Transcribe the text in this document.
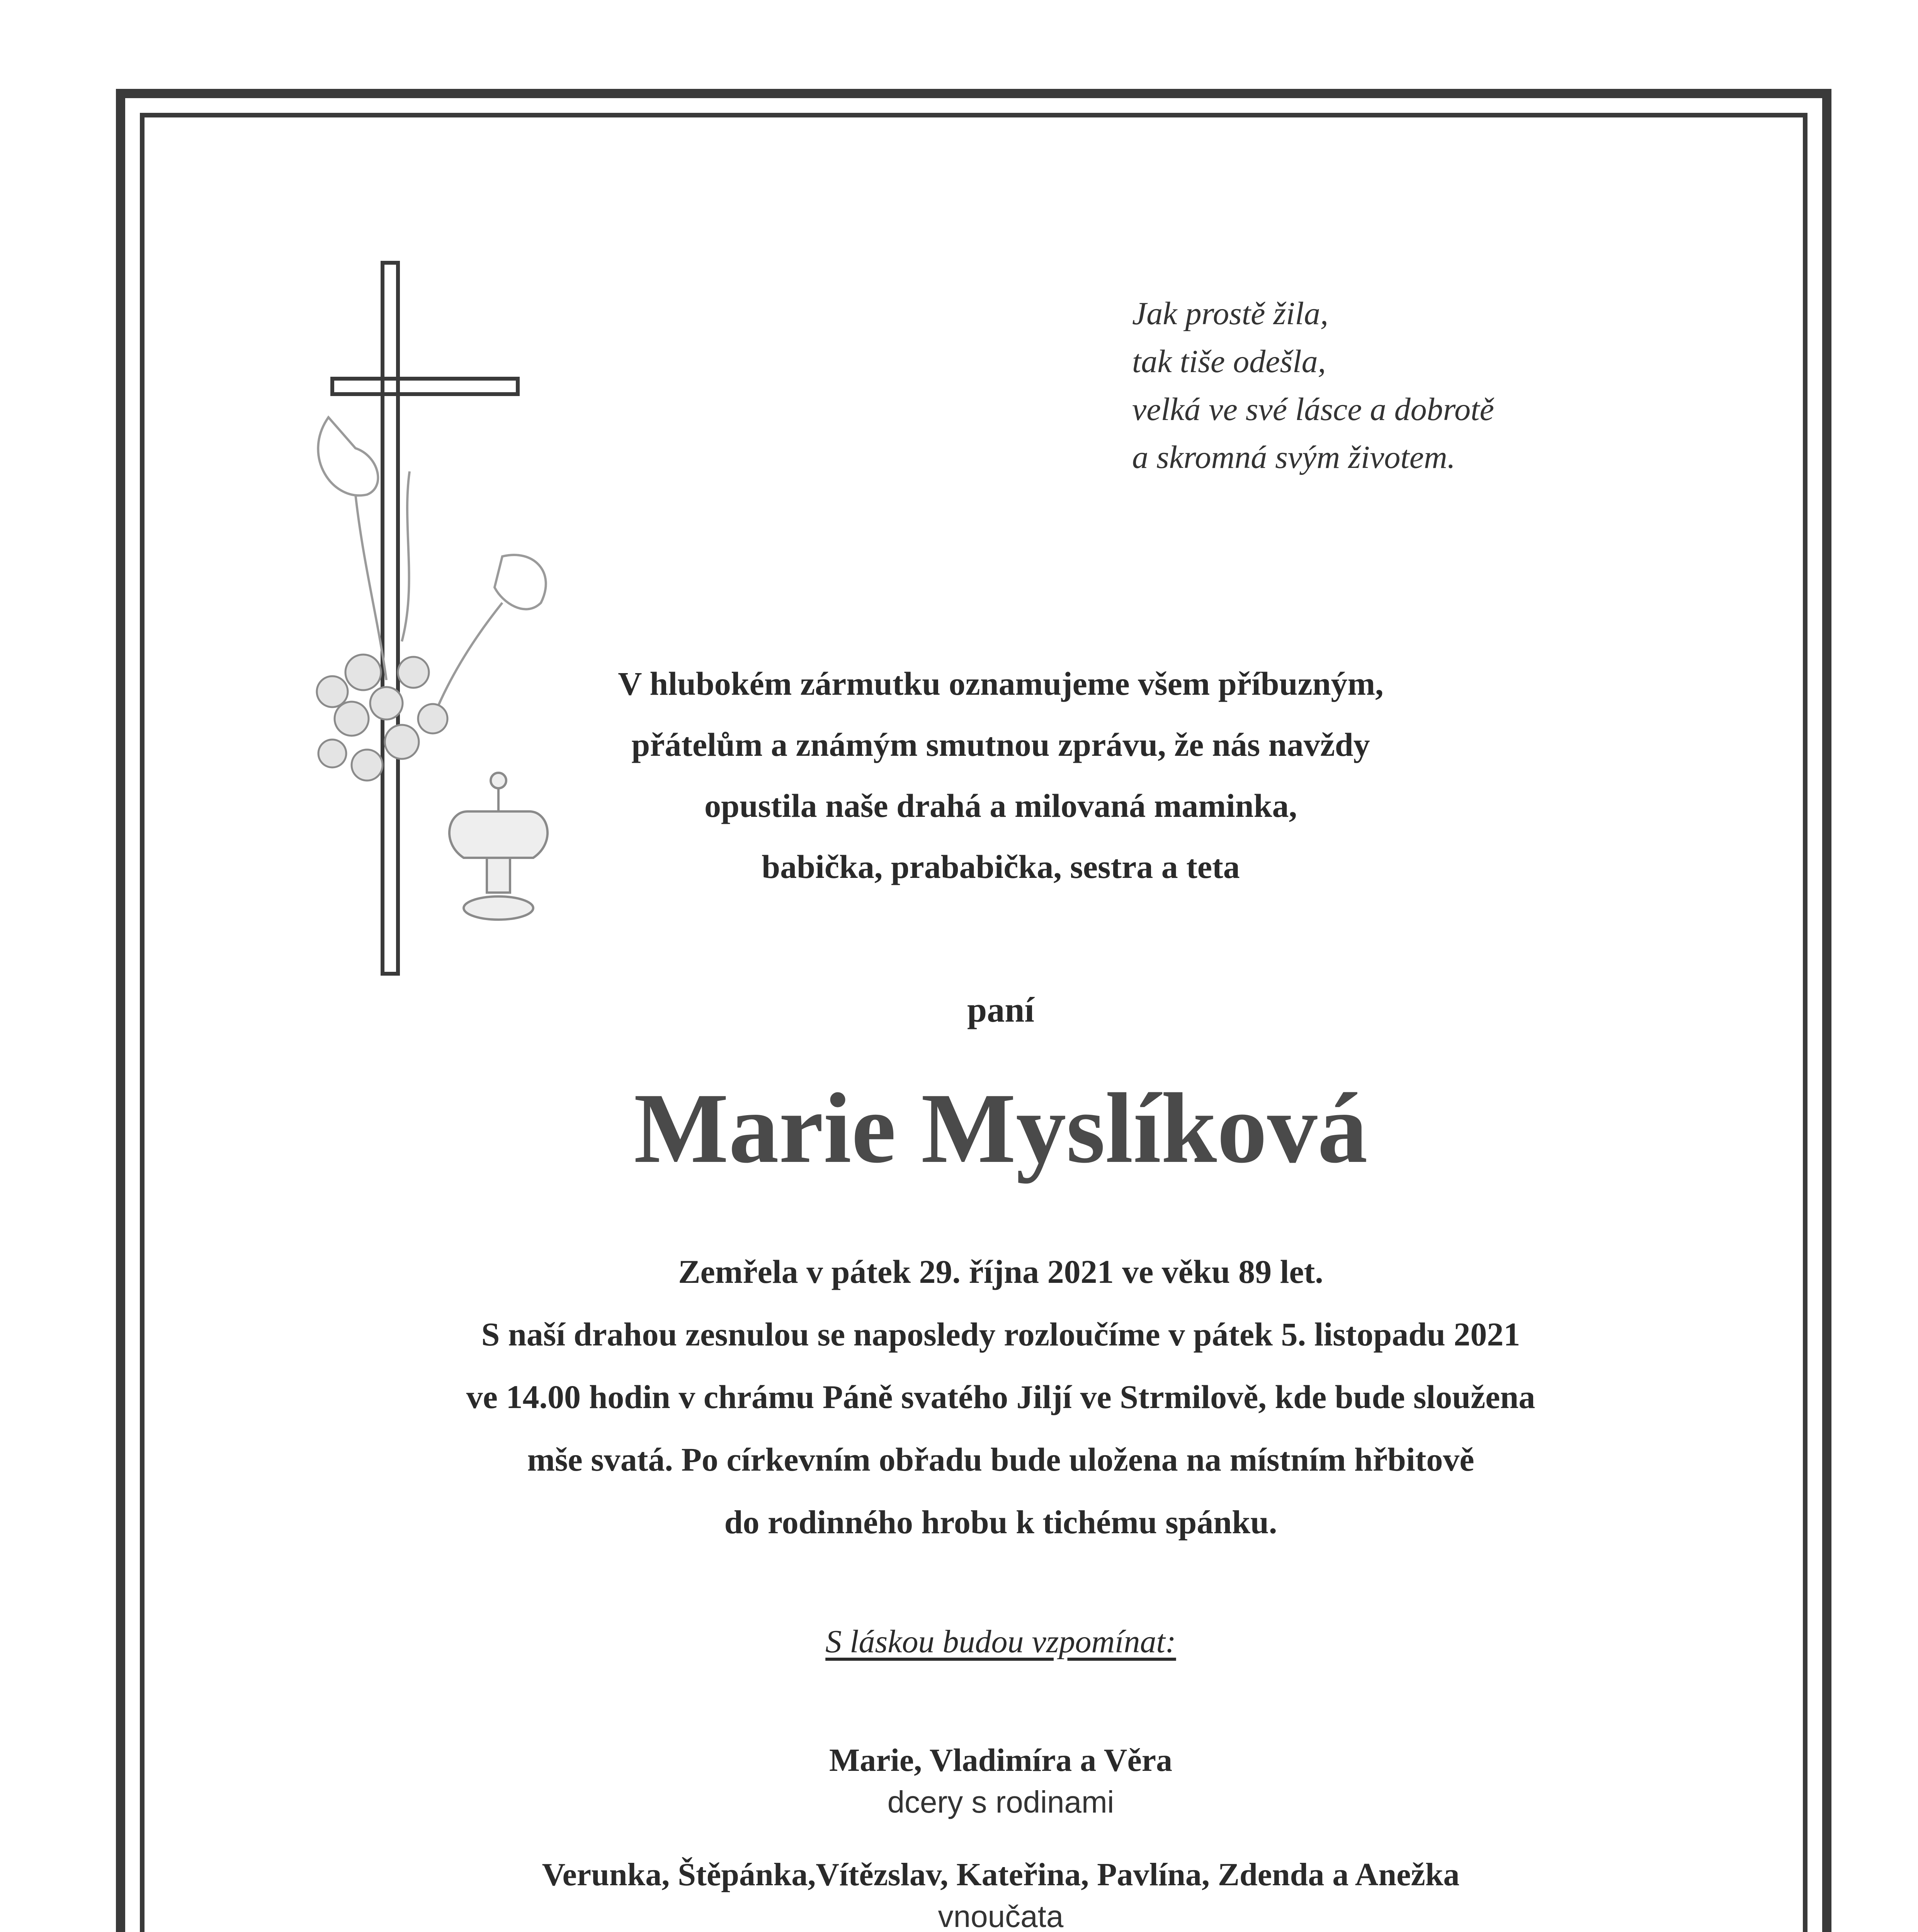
Jak prostě žila,
tak tiše odešla,
velká ve své lásce a dobrotě
a skromná svým životem.
V hlubokém zármutku oznamujeme všem příbuzným,
přátelům a známým smutnou zprávu, že nás navždy
opustila naše drahá a milovaná maminka,
babička, prababička, sestra a teta
paní
Marie Myslíková
Zemřela v pátek 29. října 2021 ve věku 89 let.
S naší drahou zesnulou se naposledy rozloučíme v pátek 5. listopadu 2021
ve 14.00 hodin v chrámu Páně svatého Jiljí ve Strmilově, kde bude sloužena
mše svatá. Po církevním obřadu bude uložena na místním hřbitově
do rodinného hrobu k tichému spánku.
S láskou budou vzpomínat:
Marie, Vladimíra a Věra
dcery s rodinami
Verunka, Štěpánka,Vítězslav, Kateřina, Pavlína, Zdenda a Anežka
vnoučata
